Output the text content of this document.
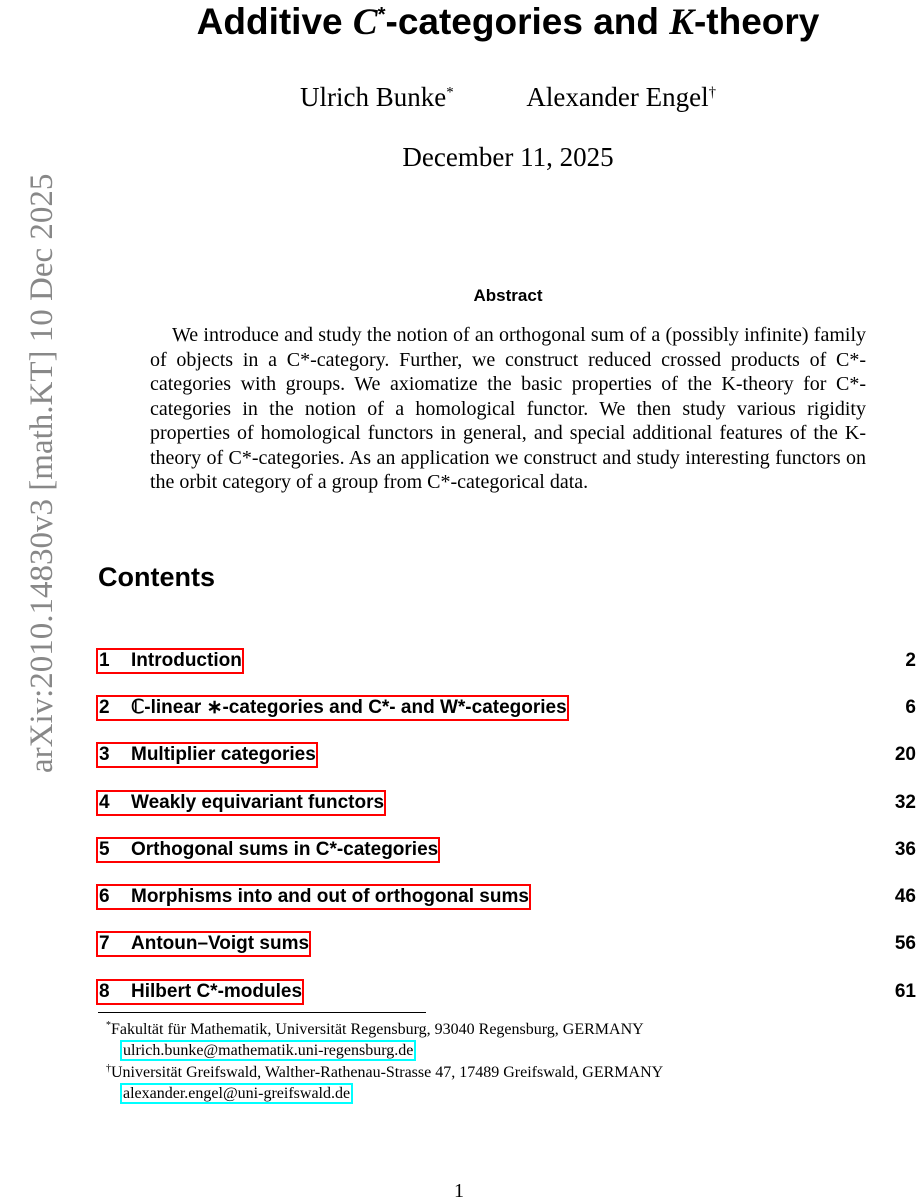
Additive C*-categories and K-theory
Ulrich Bunke*	Alexander Engel†
December 11, 2025
arXiv:2010.14830v3 [math.KT] 10 Dec 2025	Abstract

We introduce and study the notion of an orthogonal sum of a (possibly infinite) family of objects in a C*-category. Further, we construct reduced crossed products of C*-categories with groups. We axiomatize the basic properties of the K-theory for C*-categories in the notion of a homological functor. We then study various rigidity properties of homological functors in general, and special additional features of the K-theory of C*-categories. As an application we construct and study interesting functors on the orbit category of a group from C*-categorical data.

Contents
1 Introduction	2
2 ℂ-linear ∗-categories and C*- and W*-categories	6
3 Multiplier categories	20
4 Weakly equivariant functors	32
5 Orthogonal sums in C*-categories	36
6 Morphisms into and out of orthogonal sums	46
7 Antoun–Voigt sums	56
8 Hilbert C*-modules	61
*Fakultät für Mathematik, Universität Regensburg, 93040 Regensburg, GERMANY
ulrich.bunke@mathematik.uni-regensburg.de
†Universität Greifswald, Walther-Rathenau-Strasse 47, 17489 Greifswald, GERMANY
alexander.engel@uni-greifswald.de
1
